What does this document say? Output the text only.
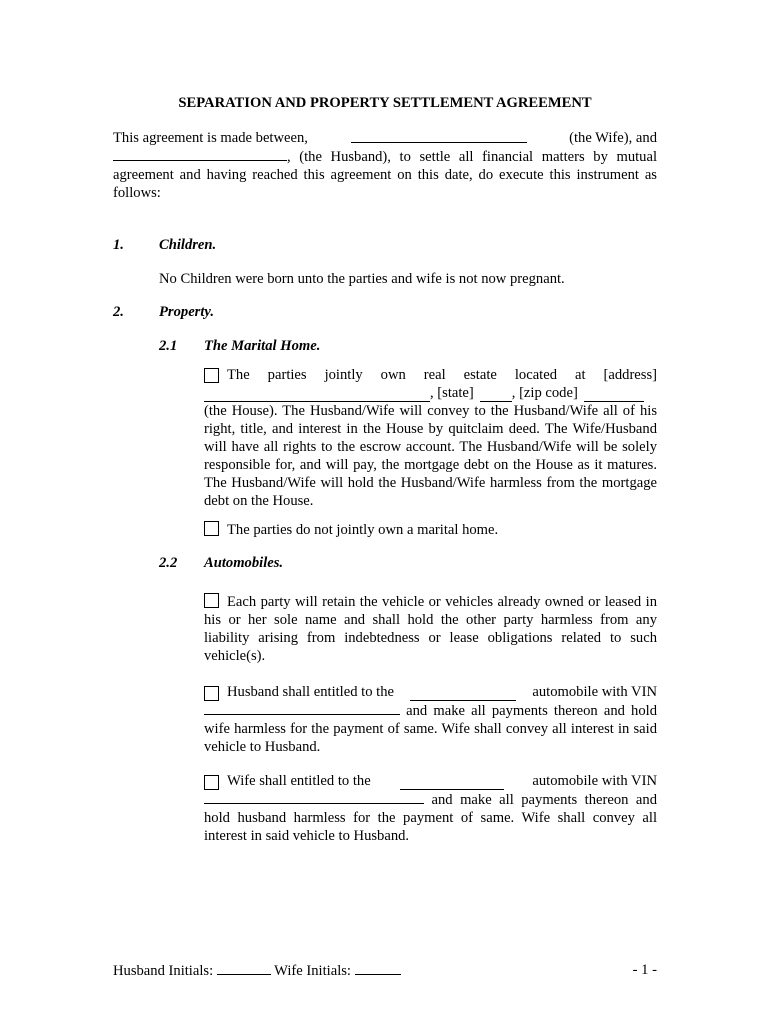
SEPARATION AND PROPERTY SETTLEMENT AGREEMENT
This agreement is made between,	(the Wife), and
, (the Husband), to settle all financial matters by mutual agreement and having reached this agreement on this date, do execute this instrument as follows:
1. Children.
No Children were born unto the parties and wife is not now pregnant.
2. Property.
2.1 The Marital Home.
The parties jointly own real estate located at [address]
, [state]	, [zip code]
(the House). The Husband/Wife will convey to the Husband/Wife all of his right, title, and interest in the House by quitclaim deed. The Wife/Husband will have all rights to the escrow account. The Husband/Wife will be solely responsible for, and will pay, the mortgage debt on the House as it matures. The Husband/Wife will hold the Husband/Wife harmless from the mortgage debt on the House.
The parties do not jointly own a marital home.
2.2 Automobiles.
Each party will retain the vehicle or vehicles already owned or leased in his or her sole name and shall hold the other party harmless from any liability arising from indebtedness or lease obligations related to such vehicle(s).
Husband shall entitled to the	automobile with VIN
and make all payments thereon and hold wife harmless for the payment of same. Wife shall convey all interest in said vehicle to Husband.
Wife shall entitled to the	automobile with VIN
and make all payments thereon and hold husband harmless for the payment of same. Wife shall convey all interest in said vehicle to Husband.
Husband Initials:	Wife Initials:	- 1 -
